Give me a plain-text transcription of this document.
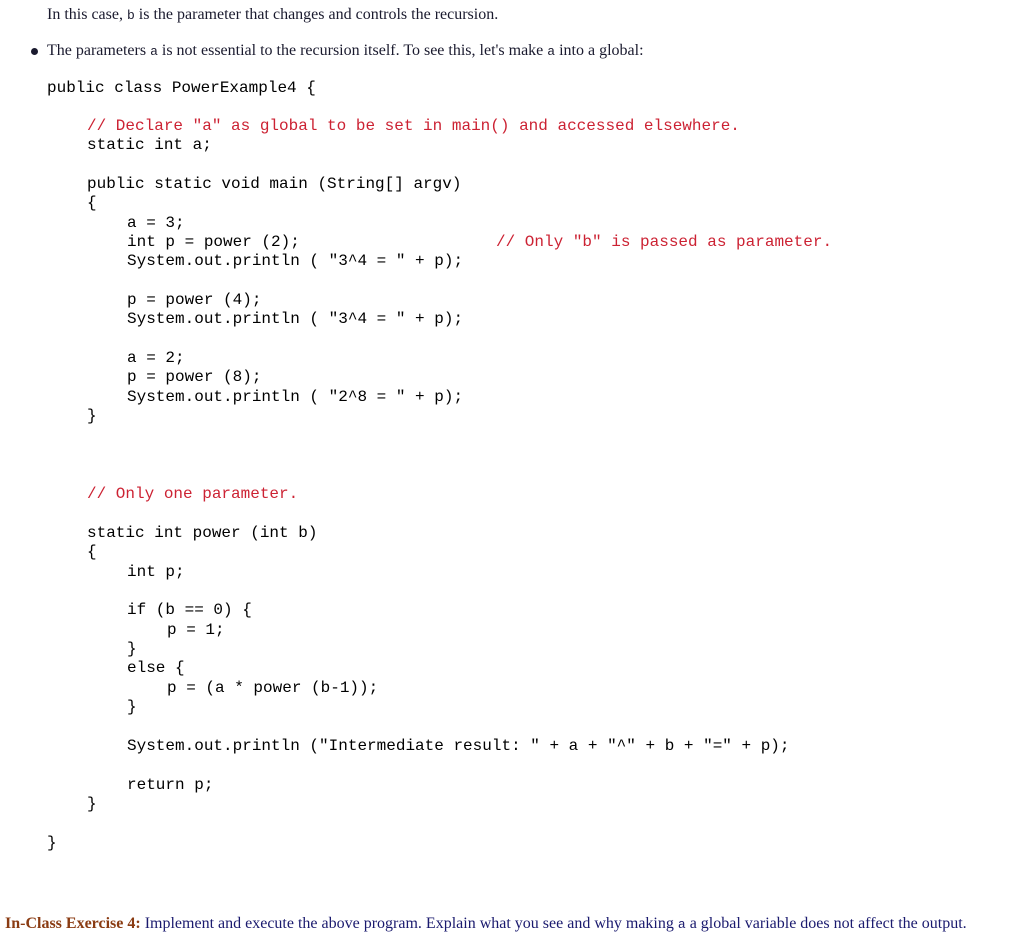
In this case, b is the parameter that changes and controls the recursion.
The parameters a is not essential to the recursion itself. To see this, let's make a into a global:
public class PowerExample4 {
// Declare "a" as global to be set in main() and accessed elsewhere.
static int a;
public static void main (String[] argv)
{
a = 3;
int p = power (2);	// Only "b" is passed as parameter.
System.out.println ( "3^4 = " + p);
p = power (4);
System.out.println ( "3^4 = " + p);
a = 2;
p = power (8);
System.out.println ( "2^8 = " + p);
}
// Only one parameter.
static int power (int b)
{
int p;
if (b == 0) {
p = 1;
}
else {
p = (a * power (b-1));
}
System.out.println ("Intermediate result: " + a + "^" + b + "=" + p);
return p;
}
}
In-Class Exercise 4: Implement and execute the above program. Explain what you see and why making a a global variable does not affect the output.
